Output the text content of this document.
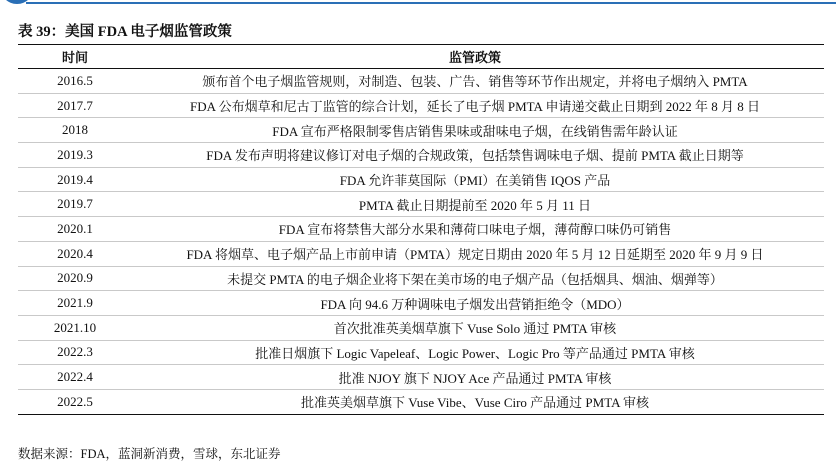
表 39：美国 FDA 电子烟监管政策
时间	监管政策
2016.5	颁布首个电子烟监管规则，对制造、包装、广告、销售等环节作出规定，并将电子烟纳入 PMTA
2017.7	FDA 公布烟草和尼古丁监管的综合计划，延长了电子烟 PMTA 申请递交截止日期到 2022 年 8 月 8 日
2018	FDA 宣布严格限制零售店销售果味或甜味电子烟，在线销售需年龄认证
2019.3	FDA 发布声明将建议修订对电子烟的合规政策，包括禁售调味电子烟、提前 PMTA 截止日期等
2019.4	FDA 允许菲莫国际（PMI）在美销售 IQOS 产品
2019.7	PMTA 截止日期提前至 2020 年 5 月 11 日
2020.1	FDA 宣布将禁售大部分水果和薄荷口味电子烟，薄荷醇口味仍可销售
2020.4	FDA 将烟草、电子烟产品上市前申请（PMTA）规定日期由 2020 年 5 月 12 日延期至 2020 年 9 月 9 日
2020.9	未提交 PMTA 的电子烟企业将下架在美市场的电子烟产品（包括烟具、烟油、烟弹等）
2021.9	FDA 向 94.6 万种调味电子烟发出营销拒绝令（MDO）
2021.10	首次批准英美烟草旗下 Vuse Solo 通过 PMTA 审核
2022.3	批准日烟旗下 Logic Vapeleaf、Logic Power、Logic Pro 等产品通过 PMTA 审核
2022.4	批准 NJOY 旗下 NJOY Ace 产品通过 PMTA 审核
2022.5	批准英美烟草旗下 Vuse Vibe、Vuse Ciro 产品通过 PMTA 审核
数据来源：FDA，蓝洞新消费，雪球，东北证券
